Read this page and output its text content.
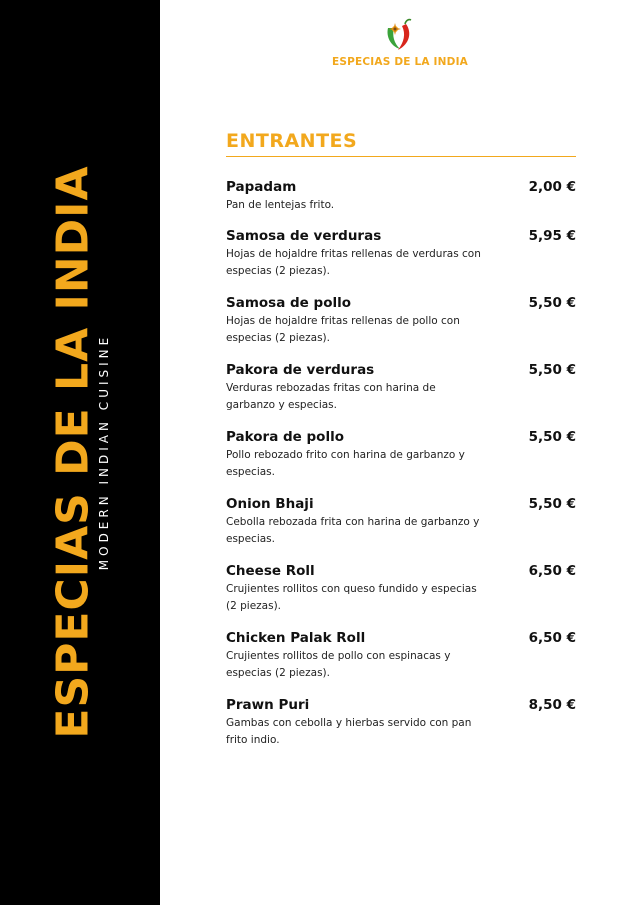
ESPECIAS DE LA INDIA
MODERN INDIAN CUISINE
ESPECIAS DE LA INDIA
ENTRANTES
Papadam	2,00 €
Pan de lentejas frito.
Samosa de verduras	5,95 €
Hojas de hojaldre fritas rellenas de verduras con especias (2 piezas).
Samosa de pollo	5,50 €
Hojas de hojaldre fritas rellenas de pollo con especias (2 piezas).
Pakora de verduras	5,50 €
Verduras rebozadas fritas con harina de garbanzo y especias.
Pakora de pollo	5,50 €
Pollo rebozado frito con harina de garbanzo y especias.
Onion Bhaji	5,50 €
Cebolla rebozada frita con harina de garbanzo y especias.
Cheese Roll	6,50 €
Crujientes rollitos con queso fundido y especias (2 piezas).
Chicken Palak Roll	6,50 €
Crujientes rollitos de pollo con espinacas y especias (2 piezas).
Prawn Puri	8,50 €
Gambas con cebolla y hierbas servido con pan frito indio.
